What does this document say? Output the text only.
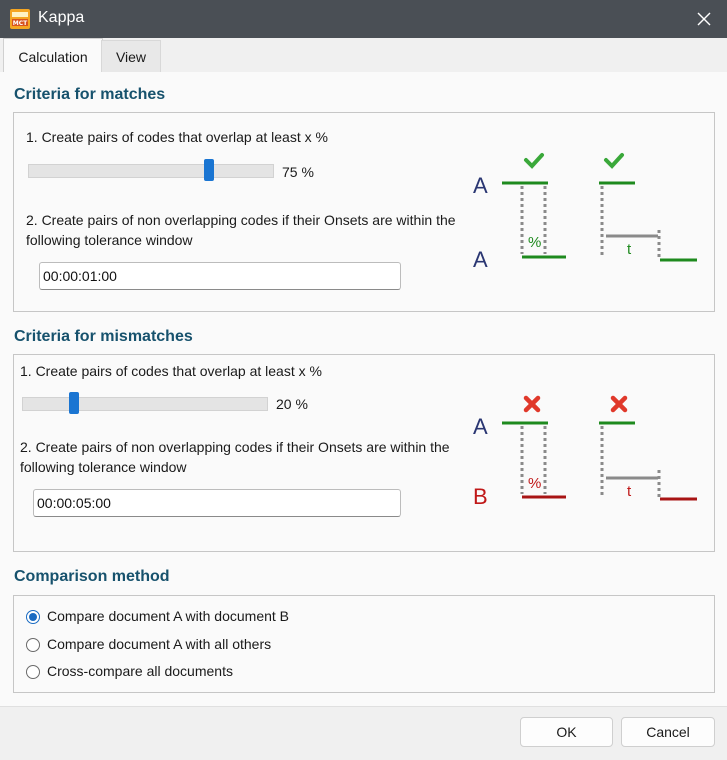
MCT Kappa
Calculation	View
Criteria for matches
1. Create pairs of codes that overlap at least x %
75 %
2. Create pairs of non overlapping codes if their Onsets are within the following tolerance window
00:00:01:00
A
A
%	t
Criteria for mismatches
1. Create pairs of codes that overlap at least x %
20 %
2. Create pairs of non overlapping codes if their Onsets are within the following tolerance window
00:00:05:00
A
B
%	t
Comparison method
Compare document A with document B
Compare document A with all others
Cross-compare all documents
OK	Cancel
